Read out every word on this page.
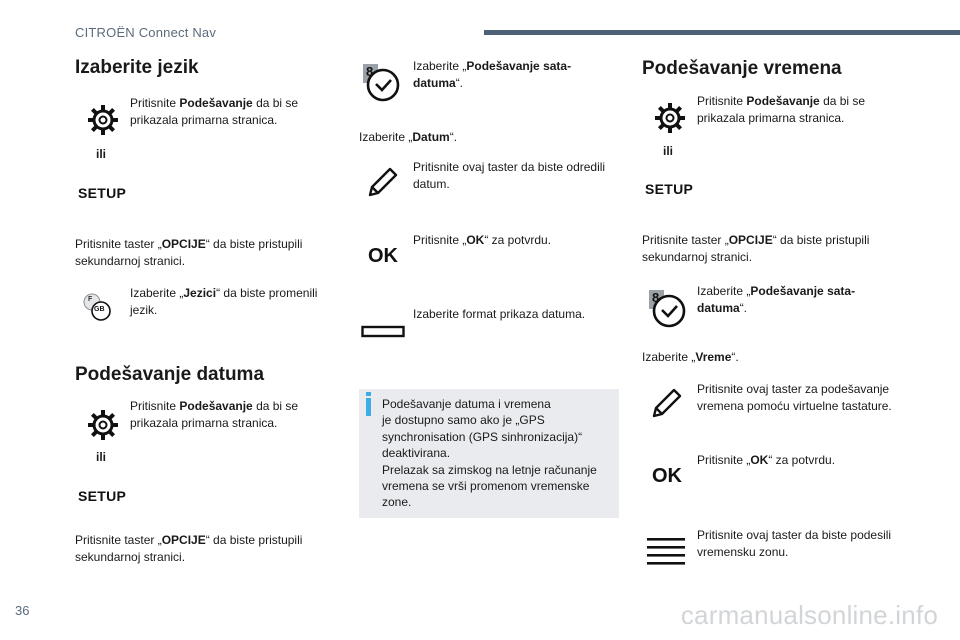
CITROËN Connect Nav
Izaberite jezik
Pritisnite Podešavanje da bi se
prikazala primarna stranica.
ili
SETUP
Pritisnite taster „OPCIJE“ da biste pristupili
sekundarnoj stranici.
F
GB
Izaberite „Jezici“ da biste promenili
jezik.
Podešavanje datuma
Pritisnite Podešavanje da bi se
prikazala primarna stranica.
ili
SETUP
Pritisnite taster „OPCIJE“ da biste pristupili
sekundarnoj stranici.
8	Izaberite „Podešavanje sata-
datuma“.
Izaberite „Datum“.
Pritisnite ovaj taster da biste odredili
datum.
OK
Pritisnite „OK“ za potvrdu.
Izaberite format prikaza datuma.
Podešavanje datuma i vremena
je dostupno samo ako je „GPS
synchronisation (GPS sinhronizacija)“
deaktivirana.
Prelazak sa zimskog na letnje računanje
vremena se vrši promenom vremenske
zone.
Podešavanje vremena
Pritisnite Podešavanje da bi se
prikazala primarna stranica.
ili
SETUP
Pritisnite taster „OPCIJE“ da biste pristupili
sekundarnoj stranici.
8	Izaberite „Podešavanje sata-
datuma“.
Izaberite „Vreme“.
Pritisnite ovaj taster za podešavanje
vremena pomoću virtuelne tastature.
OK
Pritisnite „OK“ za potvrdu.
Pritisnite ovaj taster da biste podesili
vremensku zonu.
36	carmanualsonline.info
